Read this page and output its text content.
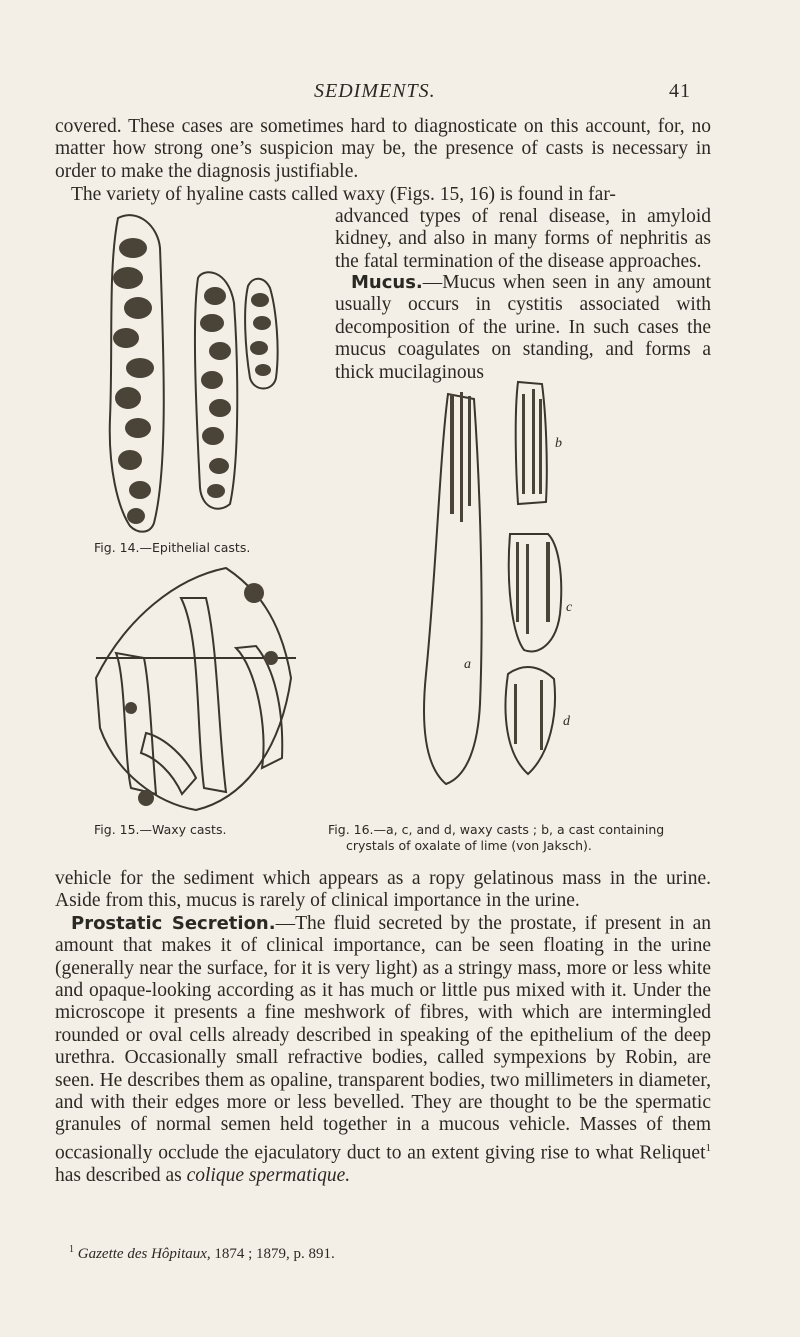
SEDIMENTS.	41
covered. These cases are sometimes hard to diagnosticate on this account, for, no matter how strong one’s suspicion may be, the presence of casts is necessary in order to make the diagnosis justifiable.
The variety of hyaline casts called waxy (Figs. 15, 16) is found in far-
advanced types of renal disease, in amyloid kidney, and also in many forms of nephritis as the fatal termination of the disease approaches.
Mucus.—Mucus when seen in any amount usually occurs in cystitis associated with decomposition of the urine. In such cases the mucus coagulates on standing, and forms a thick mucilaginous
Fig. 14.—Epithelial casts.
Fig. 15.—Waxy casts.
a
b
c
d
Fig. 16.—a, c, and d, waxy casts ; b, a cast containing
crystals of oxalate of lime (von Jaksch).

vehicle for the sediment which appears as a ropy gelatinous mass in the urine. Aside from this, mucus is rarely of clinical importance in the urine.

Prostatic Secretion.—The fluid secreted by the prostate, if present in an amount that makes it of clinical importance, can be seen floating in the urine (generally near the surface, for it is very light) as a stringy mass, more or less white and opaque-looking according as it has much or little pus mixed with it. Under the microscope it presents a fine meshwork of fibres, with which are intermingled rounded or oval cells already described in speaking of the epithelium of the deep urethra. Occasionally small refractive bodies, called sympexions by Robin, are seen. He describes them as opaline, transparent bodies, two millimeters in diameter, and with their edges more or less bevelled. They are thought to be the spermatic granules of normal semen held together in a mucous vehicle. Masses of them occasionally occlude the ejaculatory duct to an extent giving rise to what Reliquet$^1$ has described as colique spermatique.

$^1$ Gazette des Hôpitaux, 1874 ; 1879, p. 891.
